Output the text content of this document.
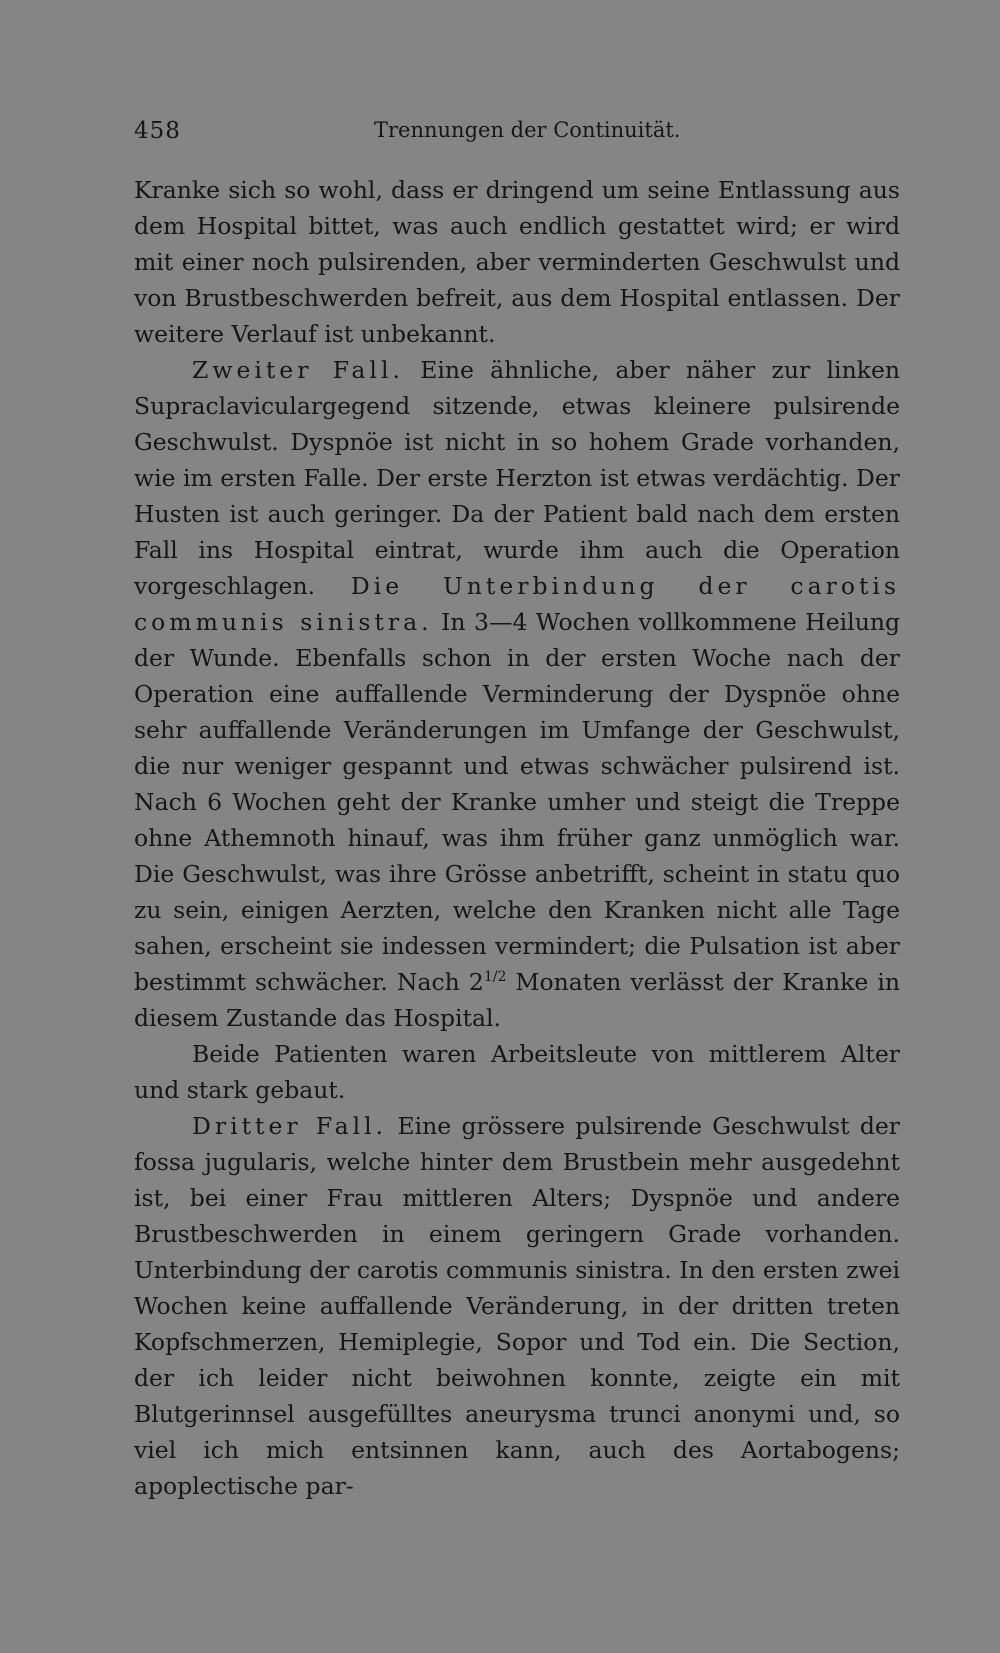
458	Trennungen der Continuität.

Kranke sich so wohl, dass er dringend um seine Entlassung aus dem Hospital bittet, was auch endlich gestattet wird; er wird mit einer noch pulsirenden, aber verminderten Geschwulst und von Brustbeschwerden befreit, aus dem Hospital entlassen. Der weitere Verlauf ist unbekannt.

Zweiter Fall. Eine ähnliche, aber näher zur linken Supraclaviculargegend sitzende, etwas kleinere pulsirende Geschwulst. Dyspnöe ist nicht in so hohem Grade vorhanden, wie im ersten Falle. Der erste Herzton ist etwas verdächtig. Der Husten ist auch geringer. Da der Patient bald nach dem ersten Fall ins Hospital eintrat, wurde ihm auch die Operation vorgeschlagen. Die Unterbindung der carotis communis sinistra. In 3—4 Wochen vollkommene Heilung der Wunde. Ebenfalls schon in der ersten Woche nach der Operation eine auffallende Verminderung der Dyspnöe ohne sehr auffallende Veränderungen im Umfange der Geschwulst, die nur weniger gespannt und etwas schwächer pulsirend ist. Nach 6 Wochen geht der Kranke umher und steigt die Treppe ohne Athemnoth hinauf, was ihm früher ganz unmöglich war. Die Geschwulst, was ihre Grösse anbetrifft, scheint in statu quo zu sein, einigen Aerzten, welche den Kranken nicht alle Tage sahen, erscheint sie indessen vermindert; die Pulsation ist aber bestimmt schwächer. Nach $2^{1/2}$ Monaten verlässt der Kranke in diesem Zustande das Hospital.

Beide Patienten waren Arbeitsleute von mittlerem Alter und stark gebaut.

Dritter Fall. Eine grössere pulsirende Geschwulst der fossa jugularis, welche hinter dem Brustbein mehr ausgedehnt ist, bei einer Frau mittleren Alters; Dyspnöe und andere Brustbeschwerden in einem geringern Grade vorhanden. Unterbindung der carotis communis sinistra. In den ersten zwei Wochen keine auffallende Veränderung, in der dritten treten Kopfschmerzen, Hemiplegie, Sopor und Tod ein. Die Section, der ich leider nicht beiwohnen konnte, zeigte ein mit Blutgerinnsel ausgefülltes aneurysma trunci anonymi und, so viel ich mich entsinnen kann, auch des Aortabogens; apoplectische par-
